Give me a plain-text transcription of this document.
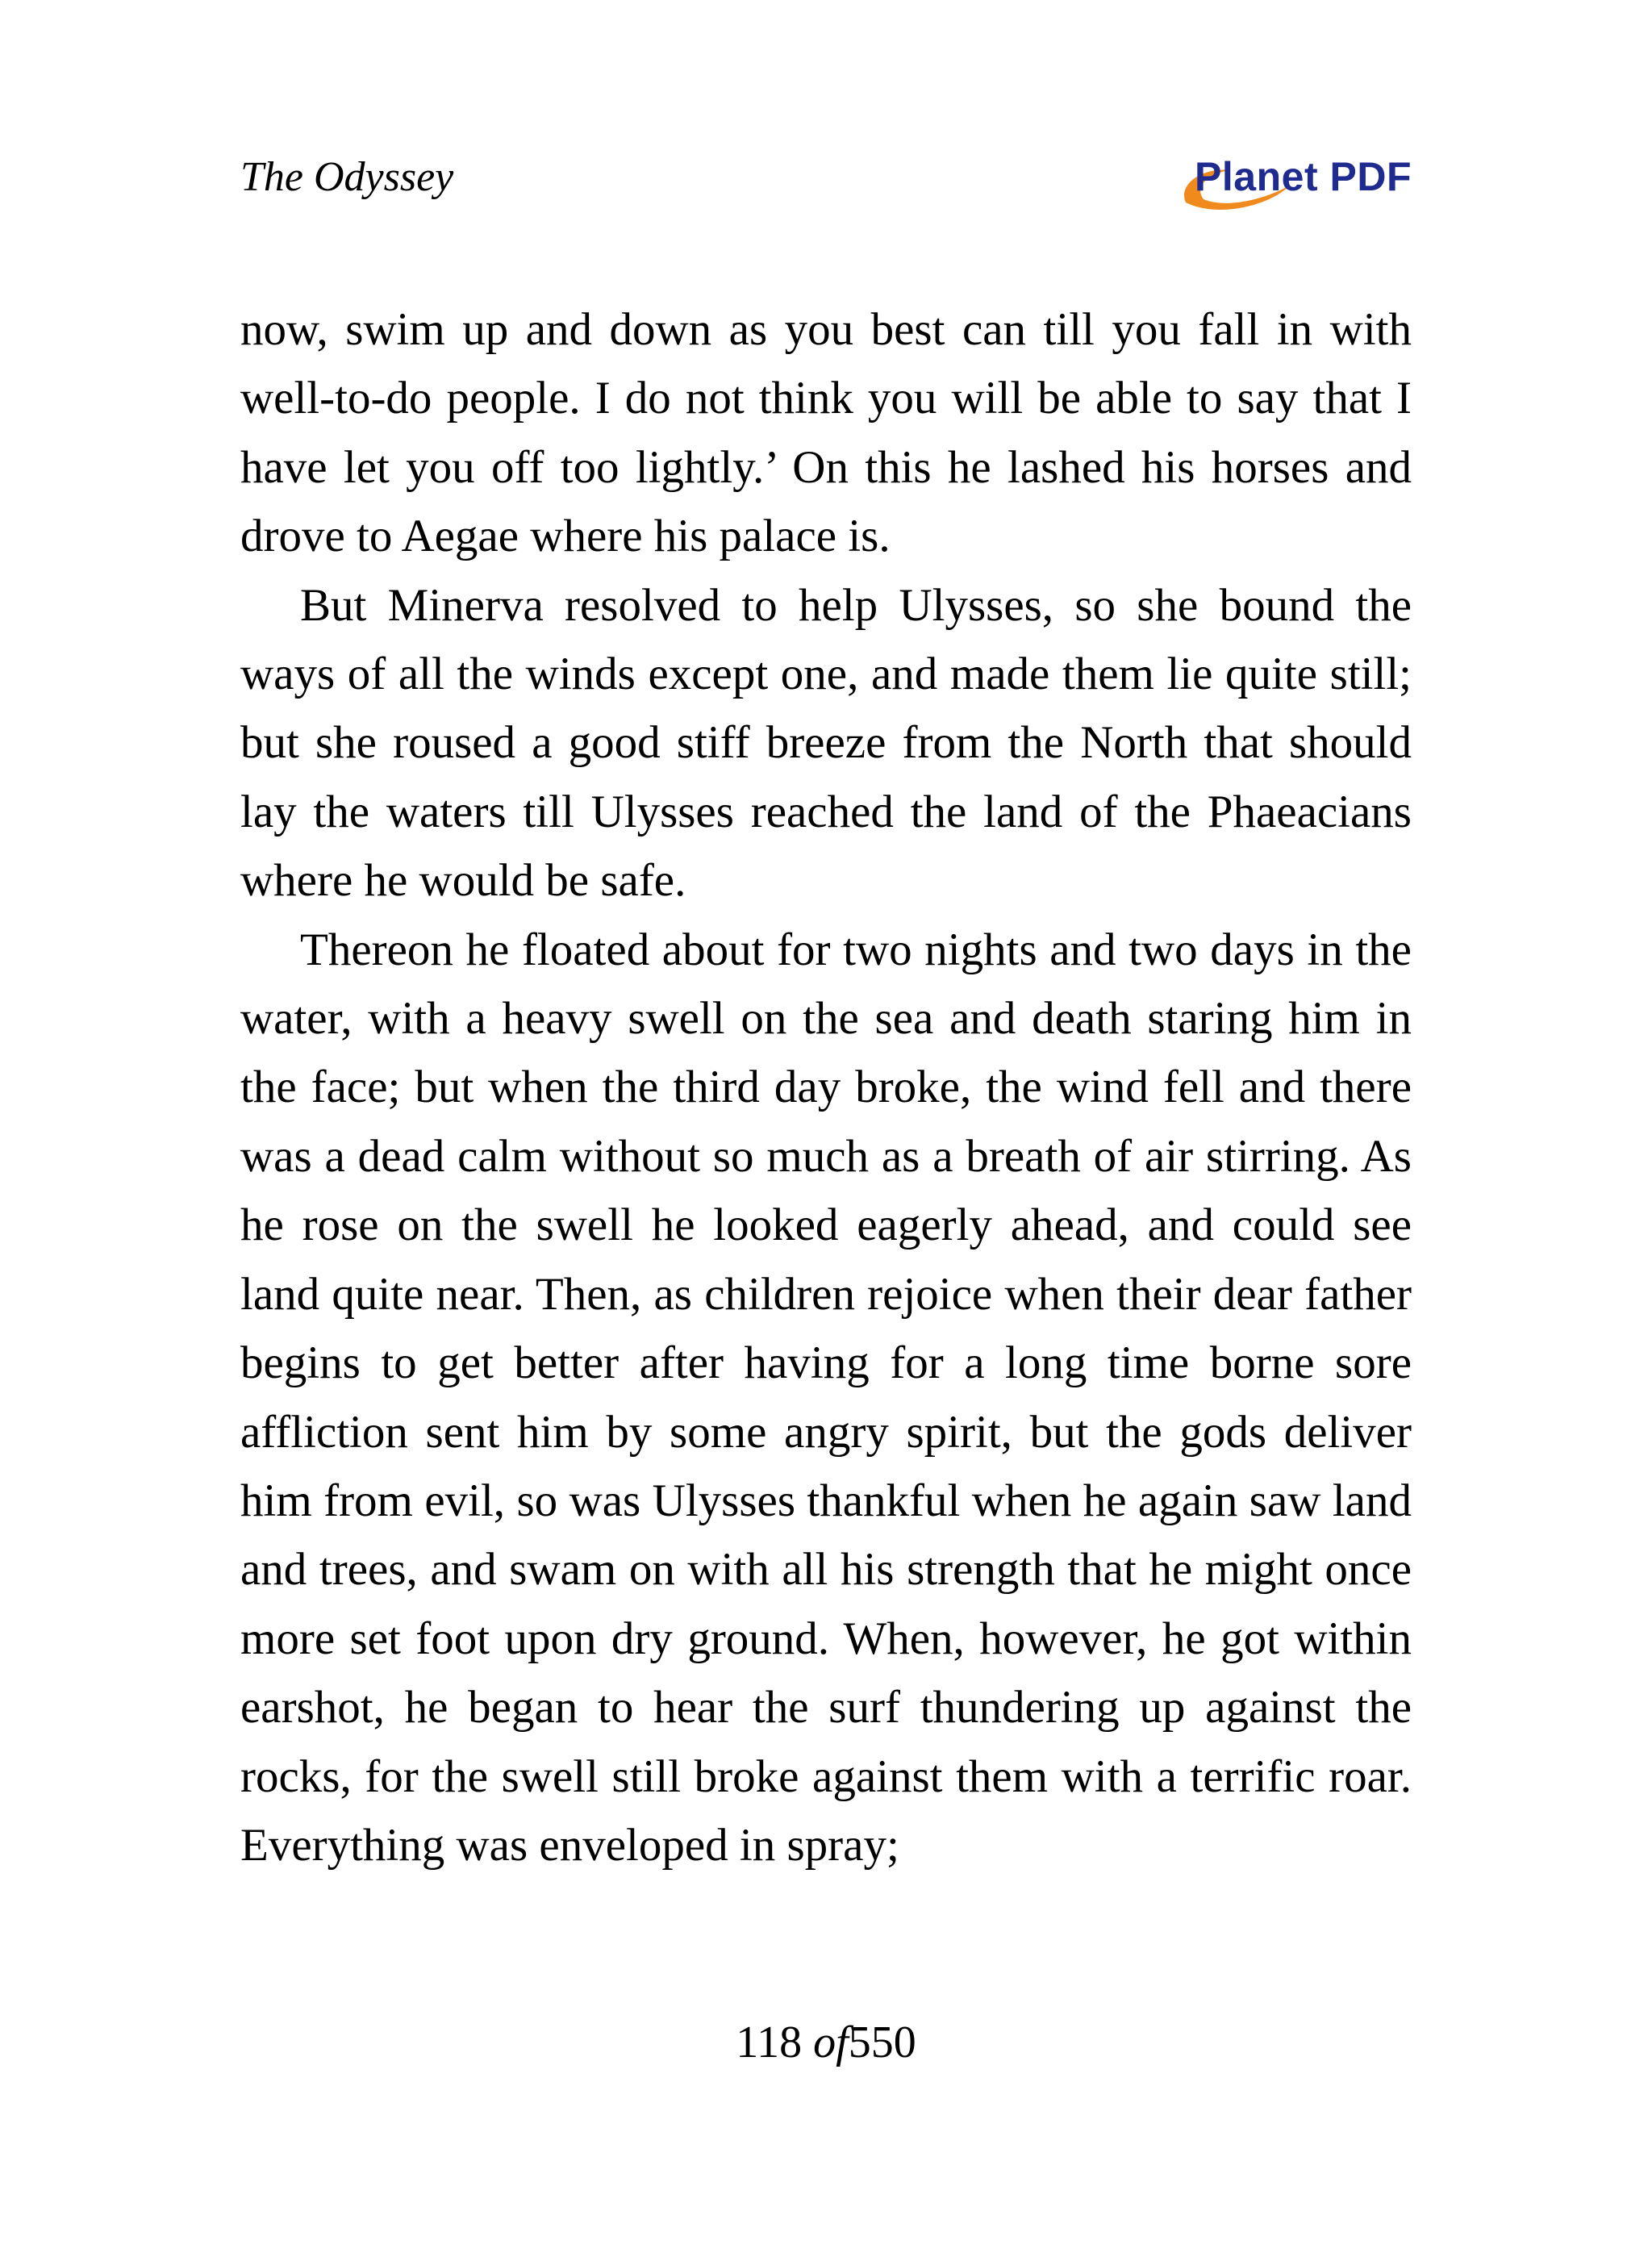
The Odyssey	Planet PDF

now, swim up and down as you best can till you fall in with well-to-do people. I do not think you will be able to say that I have let you off too lightly.’ On this he lashed his horses and drove to Aegae where his palace is.

But Minerva resolved to help Ulysses, so she bound the ways of all the winds except one, and made them lie quite still; but she roused a good stiff breeze from the North that should lay the waters till Ulysses reached the land of the Phaeacians where he would be safe.

Thereon he floated about for two nights and two days in the water, with a heavy swell on the sea and death staring him in the face; but when the third day broke, the wind fell and there was a dead calm without so much as a breath of air stirring. As he rose on the swell he looked eagerly ahead, and could see land quite near. Then, as children rejoice when their dear father begins to get better after having for a long time borne sore affliction sent him by some angry spirit, but the gods deliver him from evil, so was Ulysses thankful when he again saw land and trees, and swam on with all his strength that he might once more set foot upon dry ground. When, however, he got within earshot, he began to hear the surf thundering up against the rocks, for the swell still broke against them with a terrific roar. Everything was enveloped in spray;

118 of550
